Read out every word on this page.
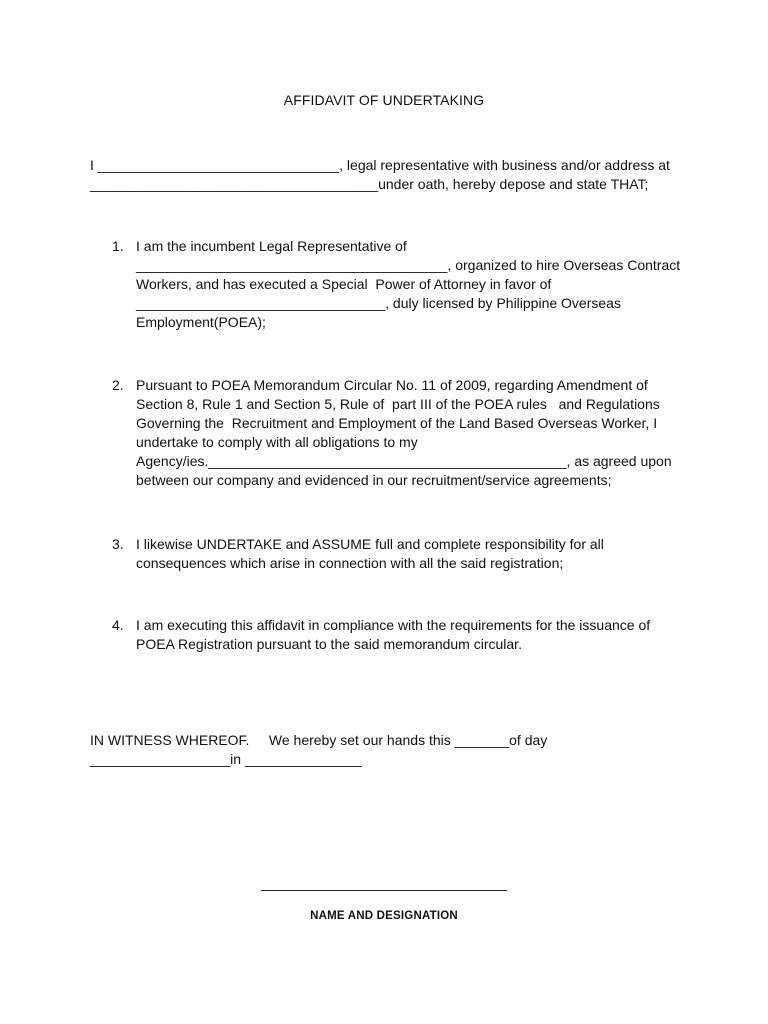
AFFIDAVIT OF UNDERTAKING
I _______________________________, legal representative with business and/or address at
_____________________________________under oath, hereby depose and state THAT;
1. I am the incumbent Legal Representative of
________________________________________, organized to hire Overseas Contract
Workers, and has executed a Special  Power of Attorney in favor of
________________________________, duly licensed by Philippine Overseas
Employment(POEA);
2. Pursuant to POEA Memorandum Circular No. 11 of 2009, regarding Amendment of
Section 8, Rule 1 and Section 5, Rule of  part III of the POEA rules   and Regulations
Governing the  Recruitment and Employment of the Land Based Overseas Worker, I
undertake to comply with all obligations to my
Agency/ies.______________________________________________, as agreed upon
between our company and evidenced in our recruitment/service agreements;
3. I likewise UNDERTAKE and ASSUME full and complete responsibility for all
consequences which arise in connection with all the said registration;
4. I am executing this affidavit in compliance with the requirements for the issuance of
POEA Registration pursuant to the said memorandum circular.
IN WITNESS WHEREOF.     We hereby set our hands this _______of day
__________________in _______________
NAME AND DESIGNATION
